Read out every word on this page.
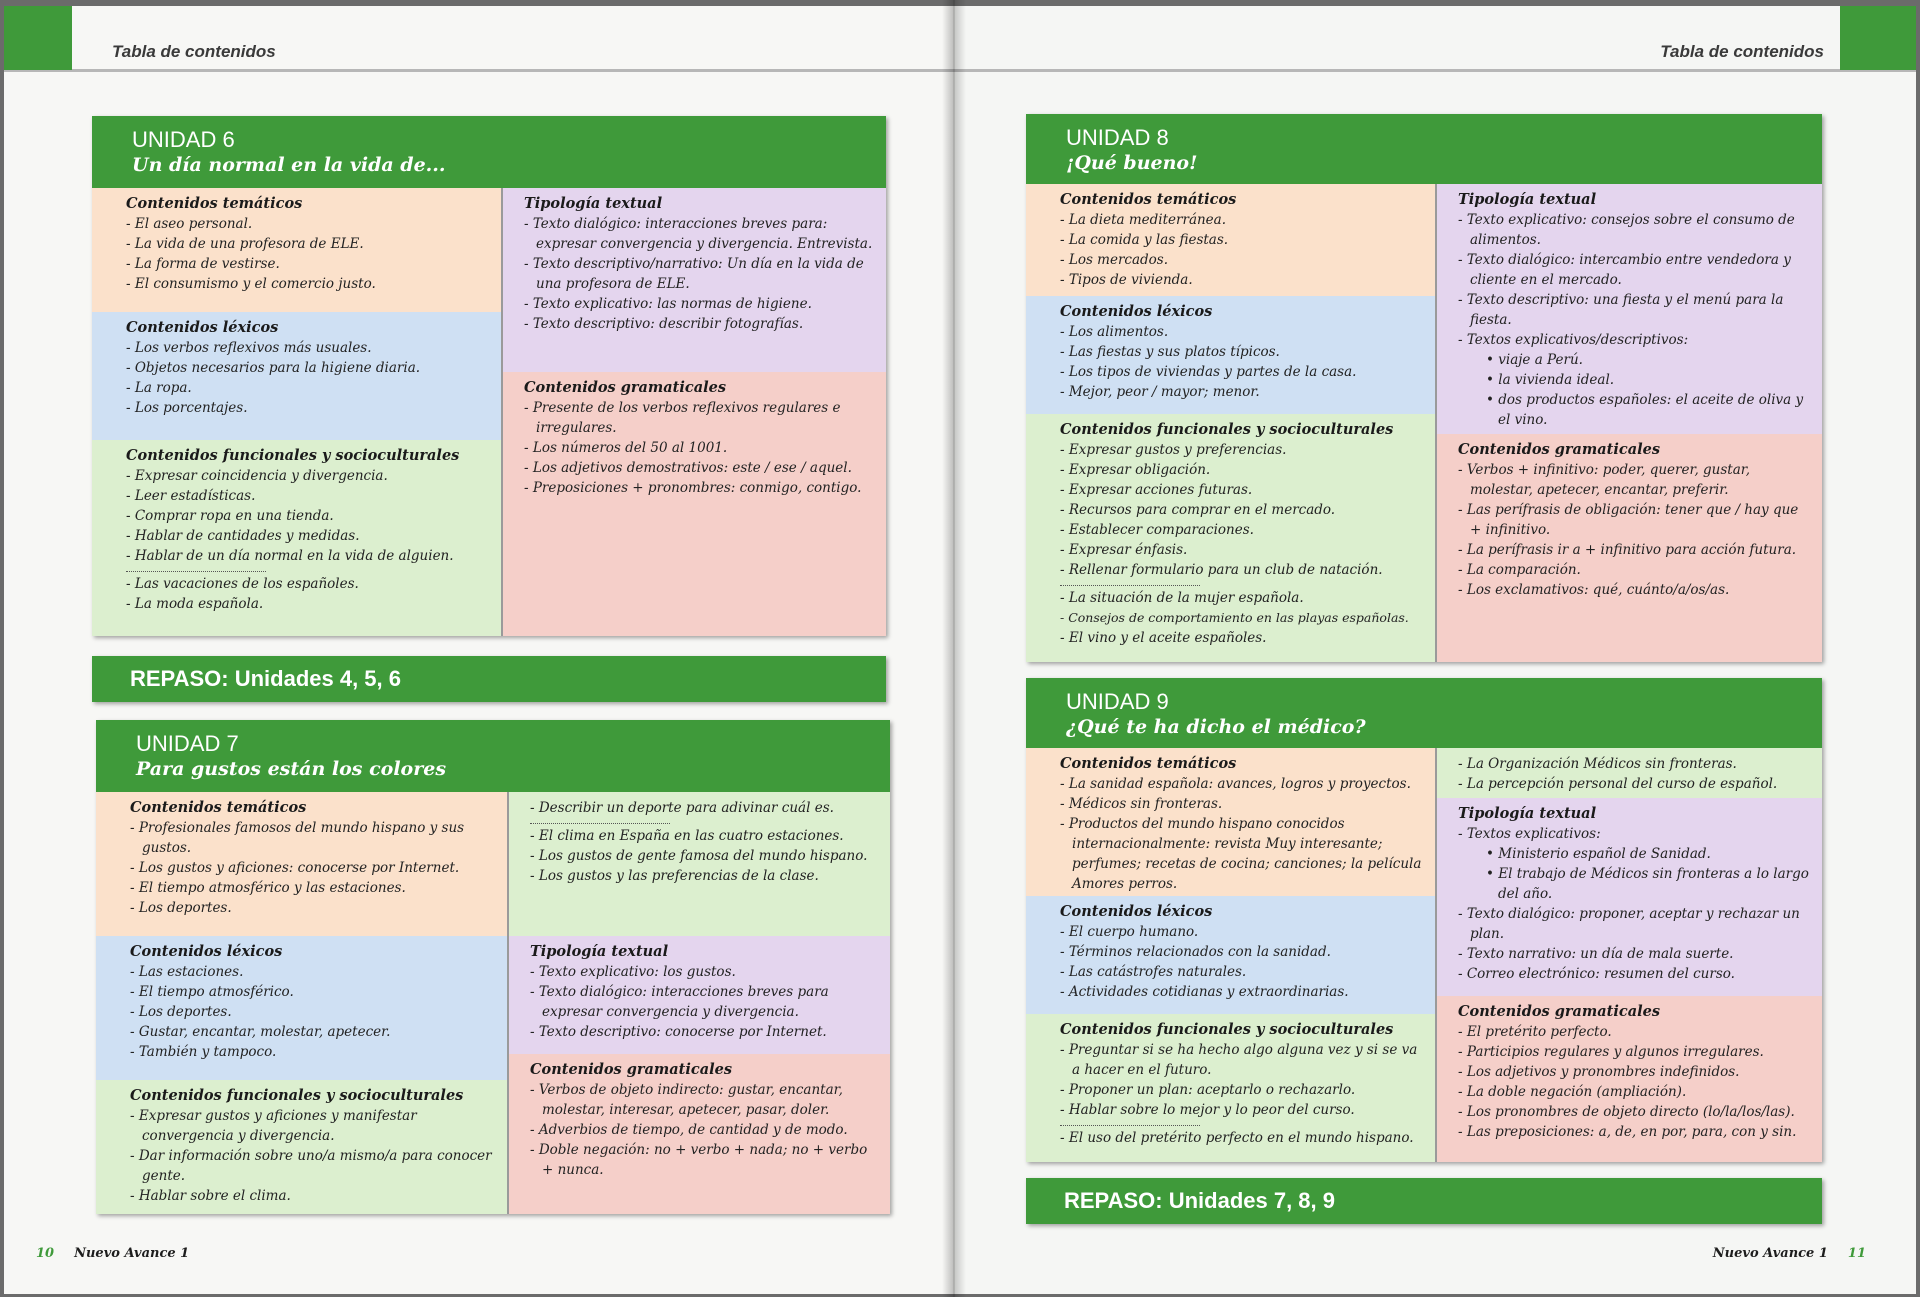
Tabla de contenidos
UNIDAD 6
Un día normal en la vida de...
Contenidos temáticos
- El aseo personal.
- La vida de una profesora de ELE.
- La forma de vestirse.
- El consumismo y el comercio justo.
Contenidos léxicos
- Los verbos reflexivos más usuales.
- Objetos necesarios para la higiene diaria.
- La ropa.
- Los porcentajes.
Contenidos funcionales y socioculturales
- Expresar coincidencia y divergencia.
- Leer estadísticas.
- Comprar ropa en una tienda.
- Hablar de cantidades y medidas.
- Hablar de un día normal en la vida de alguien.
- Las vacaciones de los españoles.
- La moda española.
Tipología textual
- Texto dialógico: interacciones breves para: expresar convergencia y divergencia. Entrevista.
- Texto descriptivo/narrativo: Un día en la vida de una profesora de ELE.
- Texto explicativo: las normas de higiene.
- Texto descriptivo: describir fotografías.
Contenidos gramaticales
- Presente de los verbos reflexivos regulares e irregulares.
- Los números del 50 al 1001.
- Los adjetivos demostrativos: este / ese / aquel.
- Preposiciones + pronombres: conmigo, contigo.
REPASO: Unidades 4, 5, 6
UNIDAD 7
Para gustos están los colores
Contenidos temáticos
- Profesionales famosos del mundo hispano y sus gustos.
- Los gustos y aficiones: conocerse por Internet.
- El tiempo atmosférico y las estaciones.
- Los deportes.
Contenidos léxicos
- Las estaciones.
- El tiempo atmosférico.
- Los deportes.
- Gustar, encantar, molestar, apetecer.
- También y tampoco.
Contenidos funcionales y socioculturales
- Expresar gustos y aficiones y manifestar convergencia y divergencia.
- Dar información sobre uno/a mismo/a para conocer gente.
- Hablar sobre el clima.
- Describir un deporte para adivinar cuál es.
- El clima en España en las cuatro estaciones.
- Los gustos de gente famosa del mundo hispano.
- Los gustos y las preferencias de la clase.
Tipología textual
- Texto explicativo: los gustos.
- Texto dialógico: interacciones breves para expresar convergencia y divergencia.
- Texto descriptivo: conocerse por Internet.
Contenidos gramaticales
- Verbos de objeto indirecto: gustar, encantar, molestar, interesar, apetecer, pasar, doler.
- Adverbios de tiempo, de cantidad y de modo.
- Doble negación: no + verbo + nada; no + verbo + nunca.
10 Nuevo Avance 1
Tabla de contenidos
UNIDAD 8
¡Qué bueno!
Contenidos temáticos
- La dieta mediterránea.
- La comida y las fiestas.
- Los mercados.
- Tipos de vivienda.
Contenidos léxicos
- Los alimentos.
- Las fiestas y sus platos típicos.
- Los tipos de viviendas y partes de la casa.
- Mejor, peor / mayor; menor.
Contenidos funcionales y socioculturales
- Expresar gustos y preferencias.
- Expresar obligación.
- Expresar acciones futuras.
- Recursos para comprar en el mercado.
- Establecer comparaciones.
- Expresar énfasis.
- Rellenar formulario para un club de natación.
- La situación de la mujer española.
- Consejos de comportamiento en las playas españolas.
- El vino y el aceite españoles.
Tipología textual
- Texto explicativo: consejos sobre el consumo de alimentos.
- Texto dialógico: intercambio entre vendedora y cliente en el mercado.
- Texto descriptivo: una fiesta y el menú para la fiesta.
- Textos explicativos/descriptivos:
• viaje a Perú.
• la vivienda ideal.
• dos productos españoles: el aceite de oliva y el vino.
Contenidos gramaticales
- Verbos + infinitivo: poder, querer, gustar, molestar, apetecer, encantar, preferir.
- Las perífrasis de obligación: tener que / hay que + infinitivo.
- La perífrasis ir a + infinitivo para acción futura.
- La comparación.
- Los exclamativos: qué, cuánto/a/os/as.
UNIDAD 9
¿Qué te ha dicho el médico?
Contenidos temáticos
- La sanidad española: avances, logros y proyectos.
- Médicos sin fronteras.
- Productos del mundo hispano conocidos internacionalmente: revista Muy interesante; perfumes; recetas de cocina; canciones; la película Amores perros.
Contenidos léxicos
- El cuerpo humano.
- Términos relacionados con la sanidad.
- Las catástrofes naturales.
- Actividades cotidianas y extraordinarias.
Contenidos funcionales y socioculturales
- Preguntar si se ha hecho algo alguna vez y si se va a hacer en el futuro.
- Proponer un plan: aceptarlo o rechazarlo.
- Hablar sobre lo mejor y lo peor del curso.
- El uso del pretérito perfecto en el mundo hispano.
- La Organización Médicos sin fronteras.
- La percepción personal del curso de español.
Tipología textual
- Textos explicativos:
• Ministerio español de Sanidad.
• El trabajo de Médicos sin fronteras a lo largo del año.
- Texto dialógico: proponer, aceptar y rechazar un plan.
- Texto narrativo: un día de mala suerte.
- Correo electrónico: resumen del curso.
Contenidos gramaticales
- El pretérito perfecto.
- Participios regulares y algunos irregulares.
- Los adjetivos y pronombres indefinidos.
- La doble negación (ampliación).
- Los pronombres de objeto directo (lo/la/los/las).
- Las preposiciones: a, de, en por, para, con y sin.
REPASO: Unidades 7, 8, 9
Nuevo Avance 1 11
